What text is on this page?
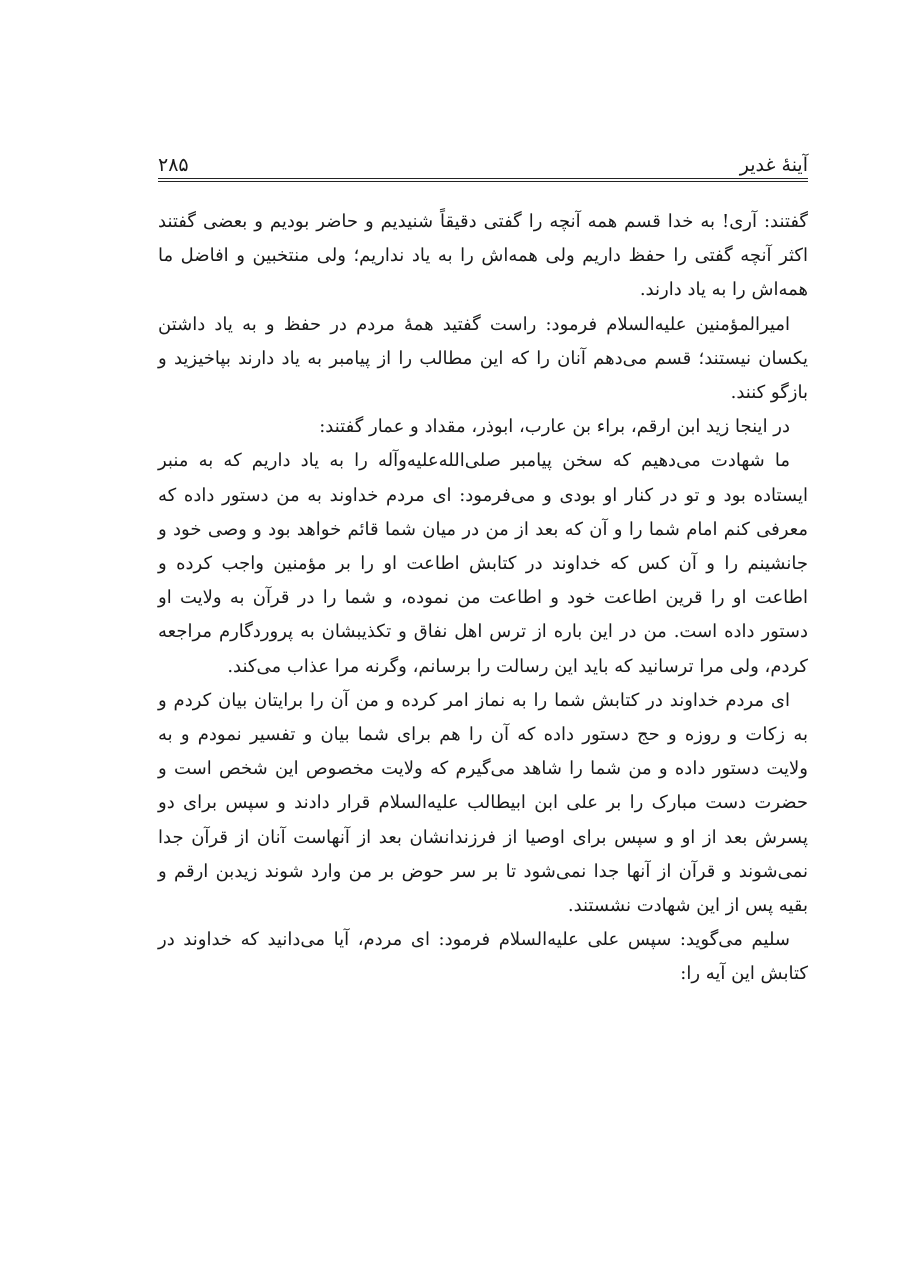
آینهٔ غدیر
۲۸۵

گفتند: آری! به خدا قسم همه آنچه را گفتی دقیقاً شنیدیم و حاضر بودیم و بعضی گفتند اکثر آنچه گفتی را حفظ داریم ولی همه‌اش را به یاد نداریم؛ ولی منتخبین و افاضل ما همه‌اش را به یاد دارند.

امیرالمؤمنین علیه‌السلام فرمود: راست گفتید همهٔ مردم در حفظ و به یاد داشتن یکسان نیستند؛ قسم می‌دهم آنان را که این مطالب را از پیامبر به یاد دارند بپاخیزید و بازگو کنند.

در اینجا زید ابن ارقم، براء بن عارب، ابوذر، مقداد و عمار گفتند:

ما شهادت می‌دهیم که سخن پیامبر صلی‌الله‌علیه‌وآله را به یاد داریم که به منبر ایستاده بود و تو در کنار او بودی و می‌فرمود: ای مردم خداوند به من دستور داده که معرفی کنم امام شما را و آن که بعد از من در میان شما قائم خواهد بود و وصی خود و جانشینم را و آن کس که خداوند در کتابش اطاعت او را بر مؤمنین واجب کرده و اطاعت او را قرین اطاعت خود و اطاعت من نموده، و شما را در قرآن به ولایت او دستور داده است. من در این باره از ترس اهل نفاق و تکذیبشان به پروردگارم مراجعه کردم، ولی مرا ترسانید که باید این رسالت را برسانم، وگرنه مرا عذاب می‌کند.

ای مردم خداوند در کتابش شما را به نماز امر کرده و من آن را برایتان بیان کردم و به زکات و روزه و حج دستور داده که آن را هم برای شما بیان و تفسیر نمودم و به ولایت دستور داده و من شما را شاهد می‌گیرم که ولایت مخصوص این شخص است و حضرت دست مبارک را بر علی ابن ابیطالب علیه‌السلام قرار دادند و سپس برای دو پسرش بعد از او و سپس برای اوصیا از فرزندانشان بعد از آنهاست آنان از قرآن جدا نمی‌شوند و قرآن از آنها جدا نمی‌شود تا بر سر حوض بر من وارد شوند زیدبن ارقم و بقیه پس از این شهادت نشستند.

سلیم می‌گوید: سپس علی علیه‌السلام فرمود: ای مردم، آیا می‌دانید که خداوند در کتابش این آیه را:
